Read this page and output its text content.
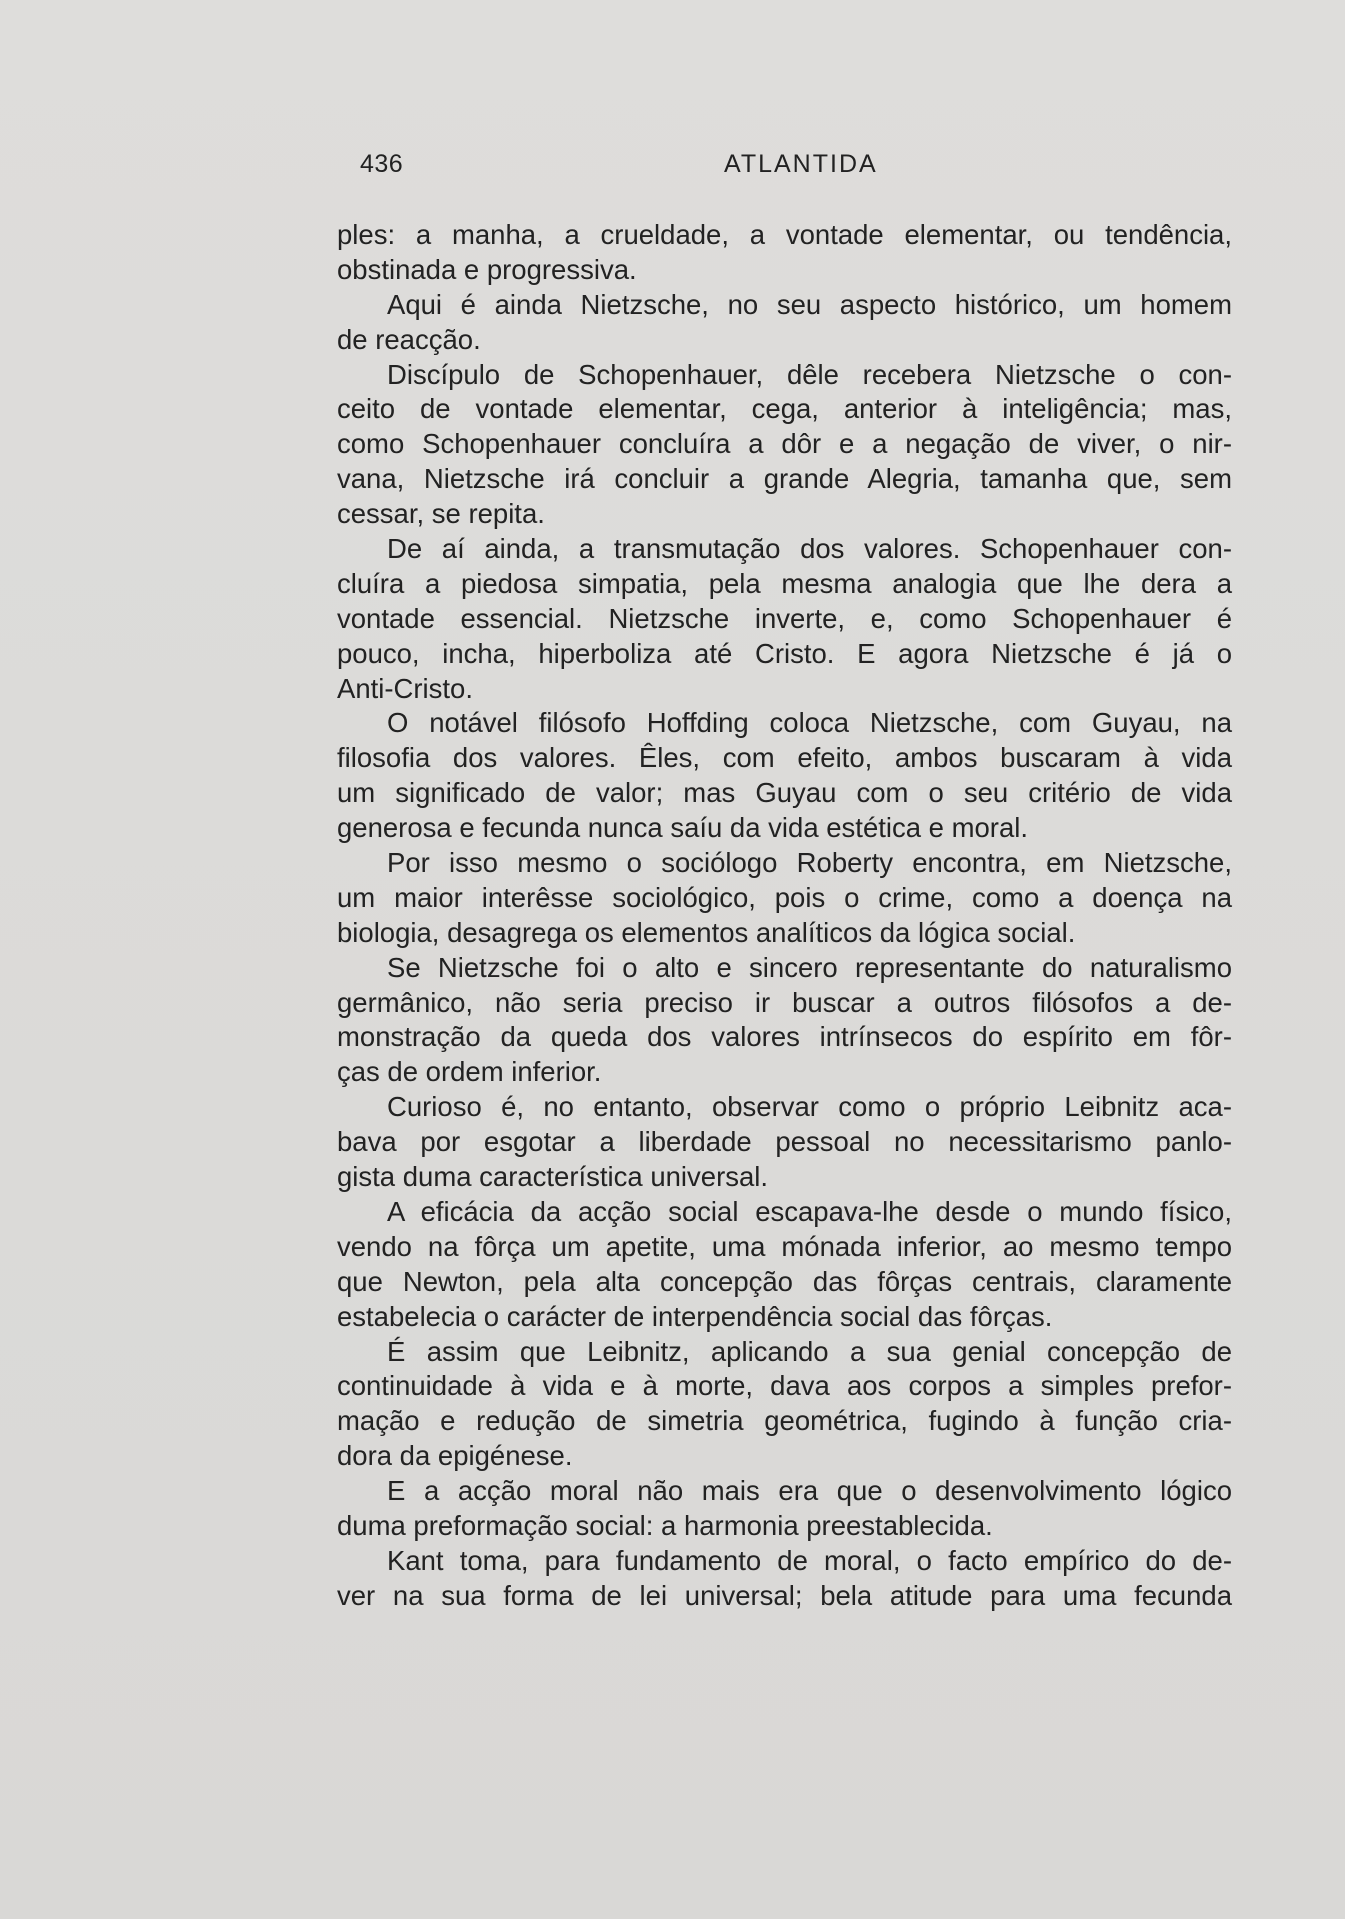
436	ATLANTIDA
ples: a manha, a crueldade, a vontade elementar, ou tendência,
obstinada e progressiva.
Aqui é ainda Nietzsche, no seu aspecto histórico, um homem
de reacção.
Discípulo de Schopenhauer, dêle recebera Nietzsche o con-
ceito de vontade elementar, cega, anterior à inteligência; mas,
como Schopenhauer concluíra a dôr e a negação de viver, o nir-
vana, Nietzsche irá concluir a grande Alegria, tamanha que, sem
cessar, se repita.
De aí ainda, a transmutação dos valores. Schopenhauer con-
cluíra a piedosa simpatia, pela mesma analogia que lhe dera a
vontade essencial. Nietzsche inverte, e, como Schopenhauer é
pouco, incha, hiperboliza até Cristo. E agora Nietzsche é já o
Anti-Cristo.
O notável filósofo Hoffding coloca Nietzsche, com Guyau, na
filosofia dos valores. Êles, com efeito, ambos buscaram à vida
um significado de valor; mas Guyau com o seu critério de vida
generosa e fecunda nunca saíu da vida estética e moral.
Por isso mesmo o sociólogo Roberty encontra, em Nietzsche,
um maior interêsse sociológico, pois o crime, como a doença na
biologia, desagrega os elementos analíticos da lógica social.
Se Nietzsche foi o alto e sincero representante do naturalismo
germânico, não seria preciso ir buscar a outros filósofos a de-
monstração da queda dos valores intrínsecos do espírito em fôr-
ças de ordem inferior.
Curioso é, no entanto, observar como o próprio Leibnitz aca-
bava por esgotar a liberdade pessoal no necessitarismo panlo-
gista duma característica universal.
A eficácia da acção social escapava-lhe desde o mundo físico,
vendo na fôrça um apetite, uma mónada inferior, ao mesmo tempo
que Newton, pela alta concepção das fôrças centrais, claramente
estabelecia o carácter de interpendência social das fôrças.
É assim que Leibnitz, aplicando a sua genial concepção de
continuidade à vida e à morte, dava aos corpos a simples prefor-
mação e redução de simetria geométrica, fugindo à função cria-
dora da epigénese.
E a acção moral não mais era que o desenvolvimento lógico
duma preformação social: a harmonia preestablecida.
Kant toma, para fundamento de moral, o facto empírico do de-
ver na sua forma de lei universal; bela atitude para uma fecunda
